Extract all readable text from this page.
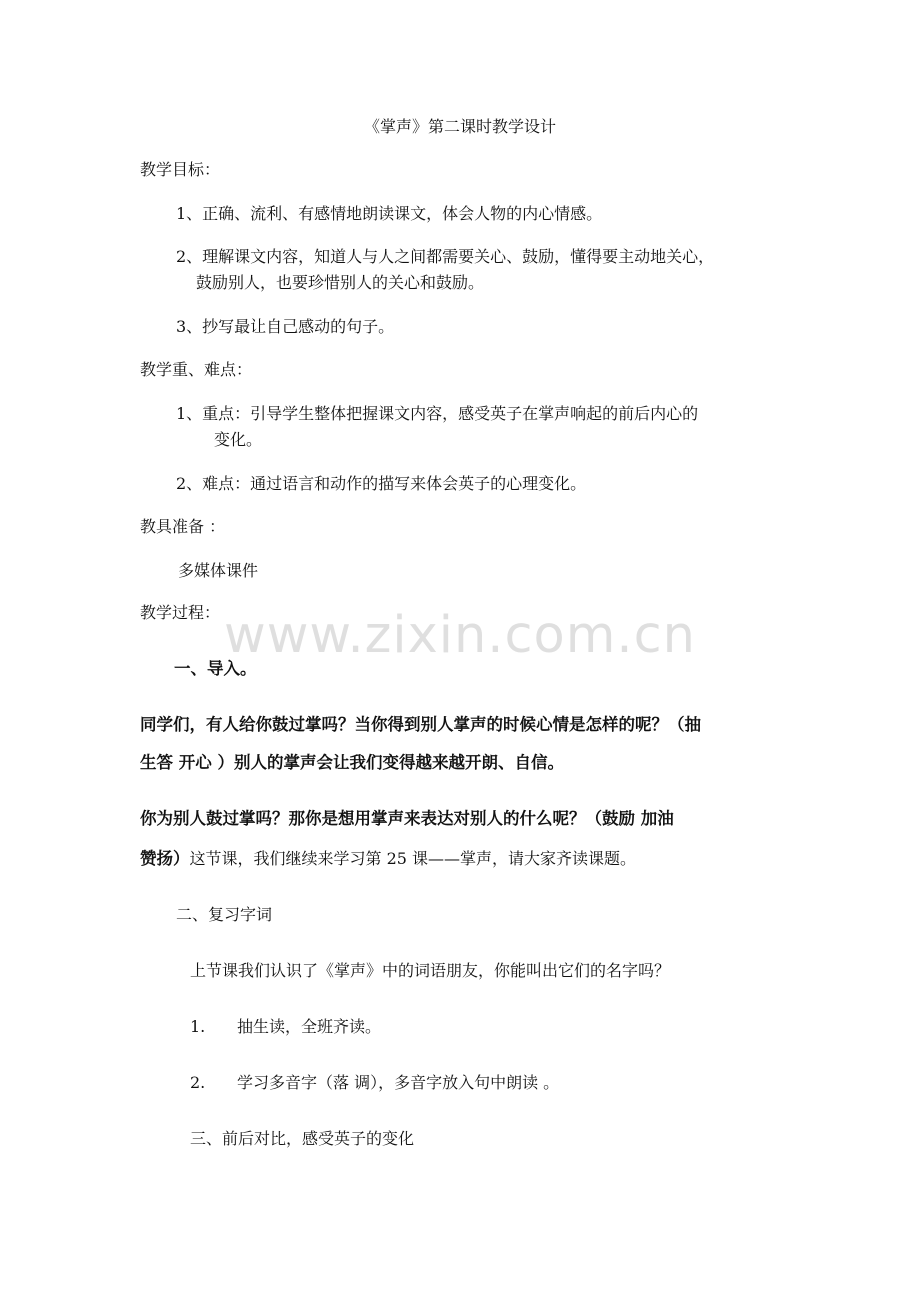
《掌声》第二课时教学设计
教学目标：
1、正确、流利、有感情地朗读课文，体会人物的内心情感。
2、理解课文内容，知道人与人之间都需要关心、鼓励，懂得要主动地关心，
鼓励别人，也要珍惜别人的关心和鼓励。
3、抄写最让自己感动的句子。
教学重、难点：
1、重点：引导学生整体把握课文内容，感受英子在掌声响起的前后内心的
变化。
2、难点：通过语言和动作的描写来体会英子的心理变化。
教具准备 ：
多媒体课件
教学过程：
一、导入。
同学们，有人给你鼓过掌吗？当你得到别人掌声的时候心情是怎样的呢？（抽
生答 开心 ）别人的掌声会让我们变得越来越开朗、自信。
你为别人鼓过掌吗？那你是想用掌声来表达对别人的什么呢？（鼓励 加油
赞扬）这节课，我们继续来学习第 25 课——掌声，请大家齐读课题。
二、复习字词
上节课我们认识了《掌声》中的词语朋友，你能叫出它们的名字吗？
1. 抽生读，全班齐读。
2. 学习多音字（落 调），多音字放入句中朗读 。
三、前后对比，感受英子的变化
www.zixin.com.cn
